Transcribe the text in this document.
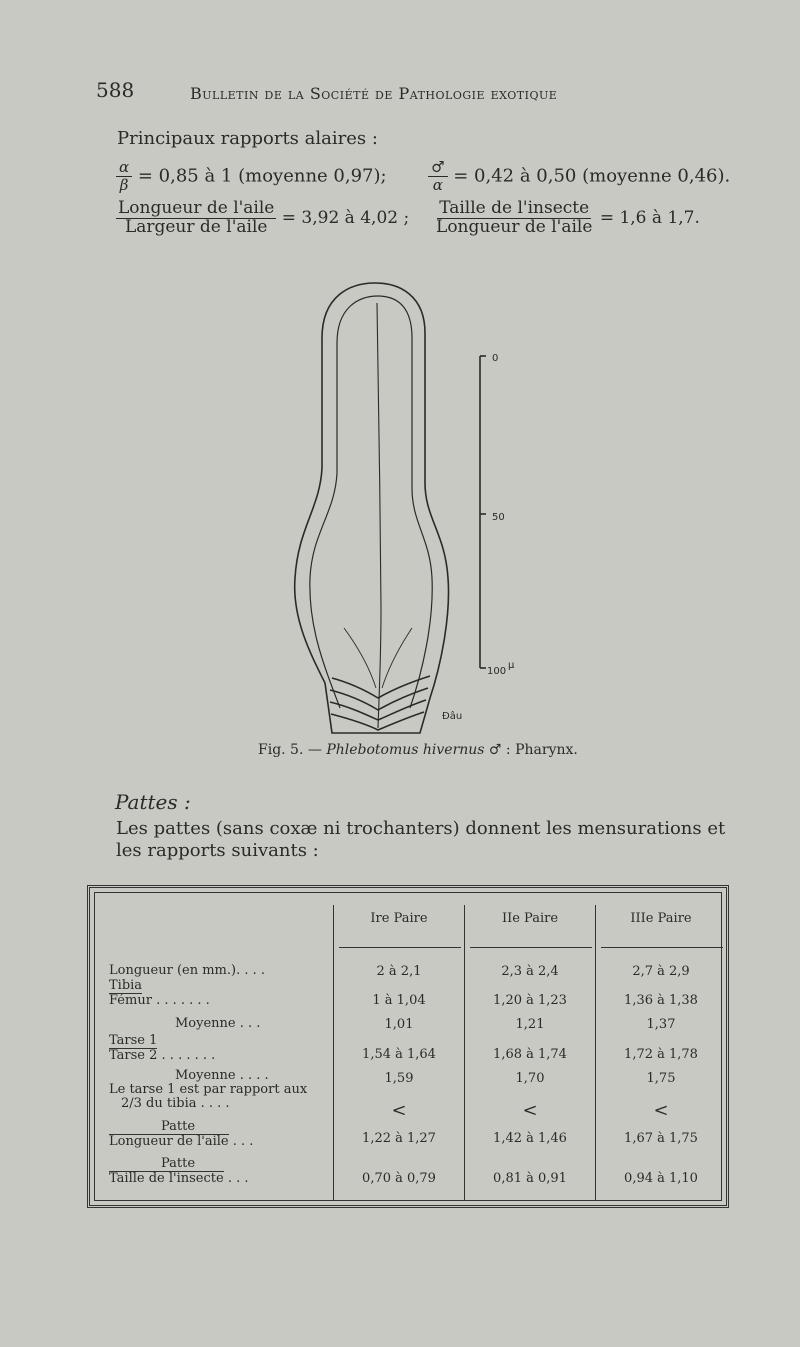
588	Bulletin de la Société de Pathologie exotique
Principaux rapports alaires :
$\frac{\alpha}{\beta} = 0,85$ à 1 (moyenne 0,97);	$\frac{♂}{\alpha} = 0,42$ à 0,50 (moyenne 0,46).
$\frac{\text{Longueur de l'aile}}{\text{Largeur de l'aile}} = 3,92$ à 4,02 ; $\frac{\text{Taille de l'insecte}}{\text{Longueur de l'aile}} = 1,6$ à 1,7.
0
50
100
μ
Đâu
Fig. 5. — Phlebotomus hivernus ♂ : Pharynx.
Pattes :
Les pattes (sans coxæ ni trochanters) donnent les mensurations et les rapports suivants :
Ire Paire	IIe Paire	IIIe Paire
Longueur (en mm.). . . .	2 à 2,1	2,3 à 2,4	2,7 à 2,9
Tibia
Fémur . . . . . . .	1 à 1,04	1,20 à 1,23	1,36 à 1,38
Moyenne . . .	1,01	1,21	1,37
Tarse 1
Tarse 2 . . . . . . .	1,54 à 1,64	1,68 à 1,74	1,72 à 1,78
Moyenne . . . .	1,59	1,70	1,75
Le tarse 1 est par rapport aux
2/3 du tibia . . . .	<	<	<
Patte
Longueur de l'aile . . .	1,22 à 1,27	1,42 à 1,46	1,67 à 1,75
Patte
Taille de l'insecte . . .	0,70 à 0,79	0,81 à 0,91	0,94 à 1,10
